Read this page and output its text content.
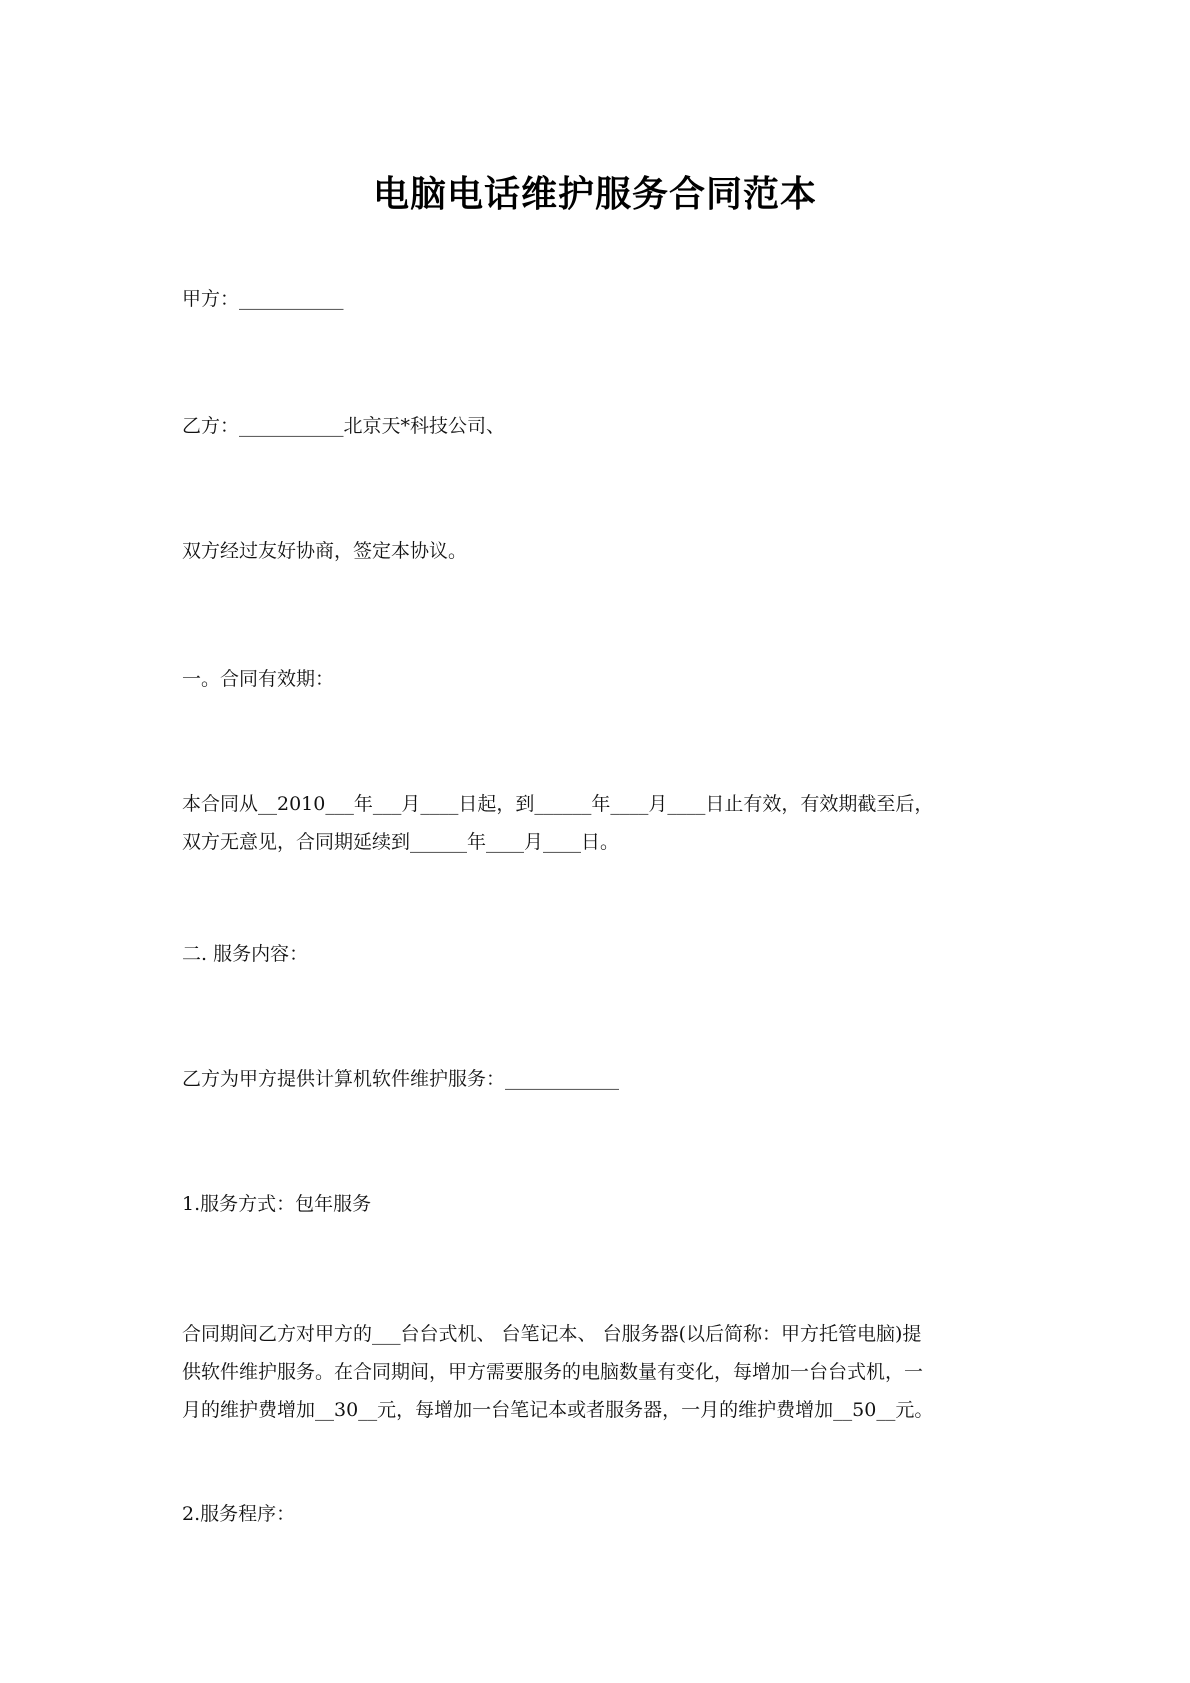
电脑电话维护服务合同范本
甲方：___________
乙方：___________北京天*科技公司、
双方经过友好协商，签定本协议。
一。合同有效期：
本合同从__2010___年___月____日起，到______年____月____日止有效，有效期截至后，
双方无意见，合同期延续到______年____月____日。
二. 服务内容：
乙方为甲方提供计算机软件维护服务：____________
1.服务方式：包年服务
合同期间乙方对甲方的___台台式机、 台笔记本、 台服务器(以后简称：甲方托管电脑)提
供软件维护服务。在合同期间，甲方需要服务的电脑数量有变化，每增加一台台式机，一
月的维护费增加__30__元，每增加一台笔记本或者服务器，一月的维护费增加__50__元。
2.服务程序：
